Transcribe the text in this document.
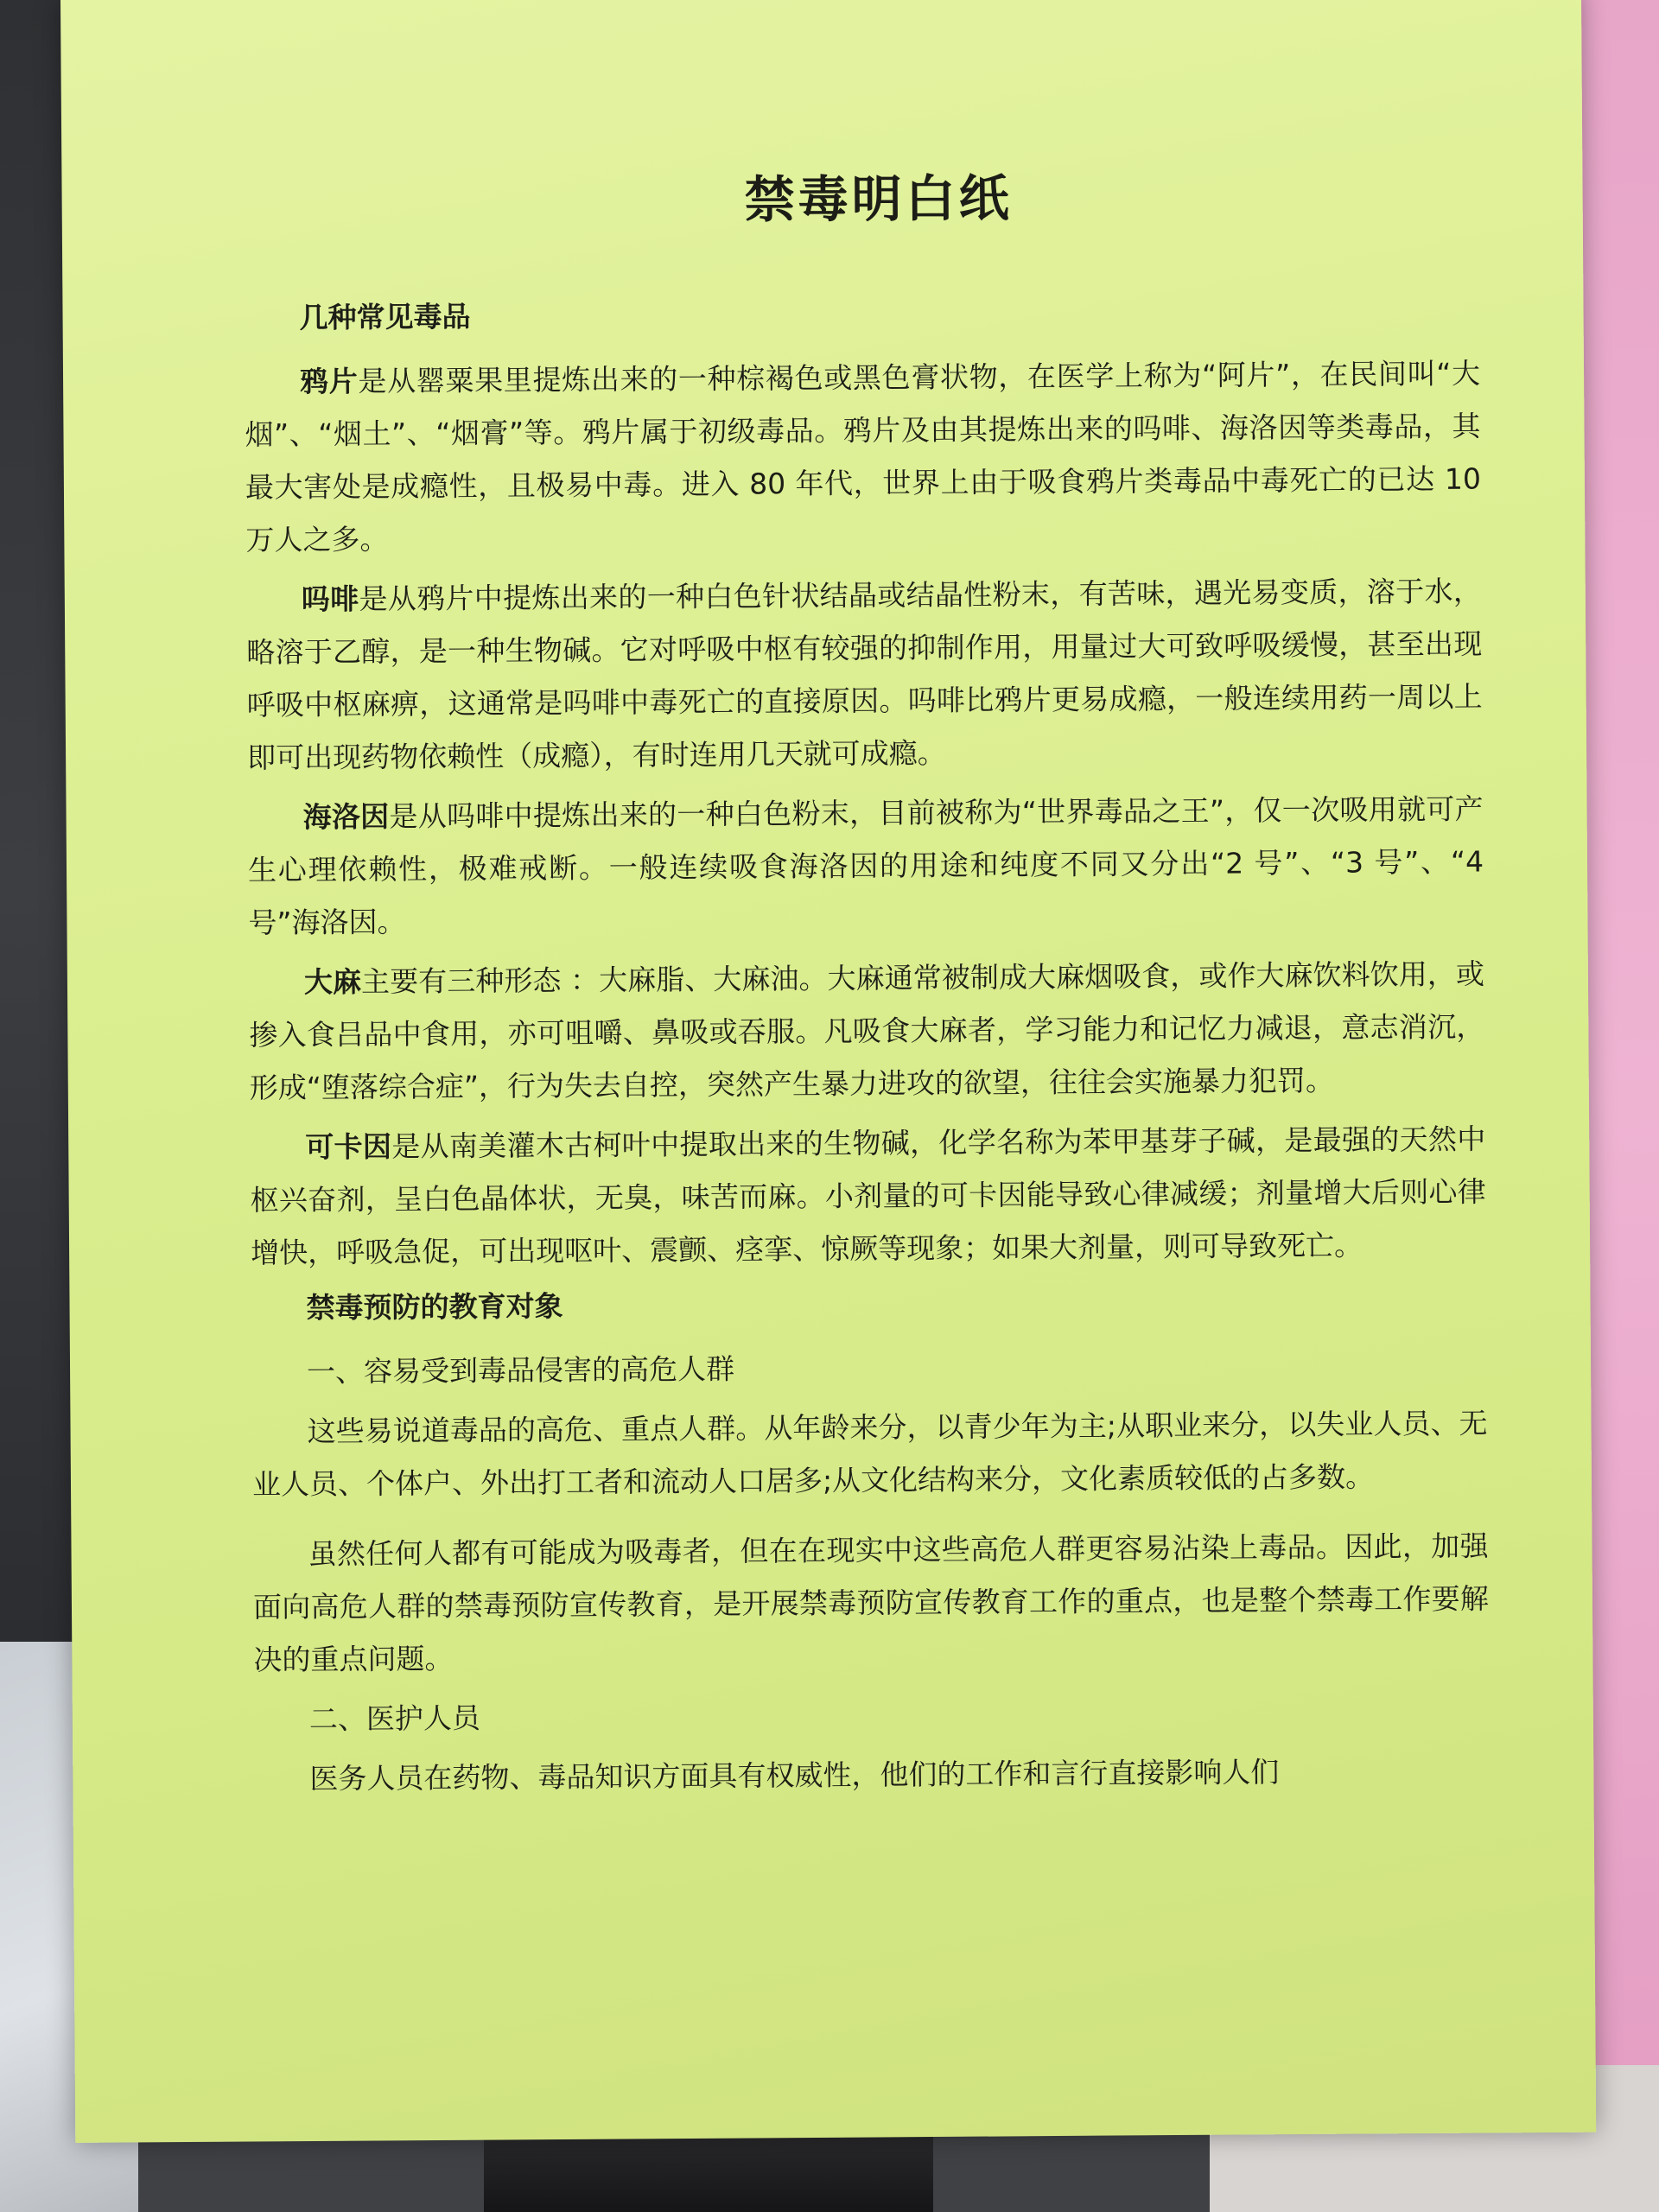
禁毒明白纸
几种常见毒品

鸦片是从罂粟果里提炼出来的一种棕褐色或黑色膏状物，在医学上称为“阿片”，在民间叫“大烟”、“烟土”、“烟膏”等。鸦片属于初级毒品。鸦片及由其提炼出来的吗啡、海洛因等类毒品，其最大害处是成瘾性，且极易中毒。进入 80 年代，世界上由于吸食鸦片类毒品中毒死亡的已达 10 万人之多。

吗啡是从鸦片中提炼出来的一种白色针状结晶或结晶性粉末，有苦味，遇光易变质，溶于水，略溶于乙醇，是一种生物碱。它对呼吸中枢有较强的抑制作用，用量过大可致呼吸缓慢，甚至出现呼吸中枢麻痹，这通常是吗啡中毒死亡的直接原因。吗啡比鸦片更易成瘾，一般连续用药一周以上即可出现药物依赖性（成瘾），有时连用几天就可成瘾。

海洛因是从吗啡中提炼出来的一种白色粉末，目前被称为“世界毒品之王”，仅一次吸用就可产生心理依赖性，极难戒断。一般连续吸食海洛因的用途和纯度不同又分出“2 号”、“3 号”、“4 号”海洛因。

大麻主要有三种形态 ：大麻脂、大麻油。大麻通常被制成大麻烟吸食，或作大麻饮料饮用，或掺入食吕品中食用，亦可咀嚼、鼻吸或吞服。凡吸食大麻者，学习能力和记忆力减退，意志消沉，形成“堕落综合症”，行为失去自控，突然产生暴力进攻的欲望，往往会实施暴力犯罚。

可卡因是从南美灌木古柯叶中提取出来的生物碱，化学名称为苯甲基芽子碱，是最强的天然中枢兴奋剂，呈白色晶体状，无臭，味苦而麻。小剂量的可卡因能导致心律减缓；剂量增大后则心律增快，呼吸急促，可出现呕叶、震颤、痉挛、惊厥等现象；如果大剂量，则可导致死亡。

禁毒预防的教育对象

一、容易受到毒品侵害的高危人群

这些易说道毒品的高危、重点人群。从年龄来分，以青少年为主;从职业来分，以失业人员、无业人员、个体户、外出打工者和流动人口居多;从文化结构来分，文化素质较低的占多数。

虽然任何人都有可能成为吸毒者，但在在现实中这些高危人群更容易沾染上毒品。因此，加强面向高危人群的禁毒预防宣传教育，是开展禁毒预防宣传教育工作的重点，也是整个禁毒工作要解决的重点问题。

二、医护人员

医务人员在药物、毒品知识方面具有权威性，他们的工作和言行直接影响人们
